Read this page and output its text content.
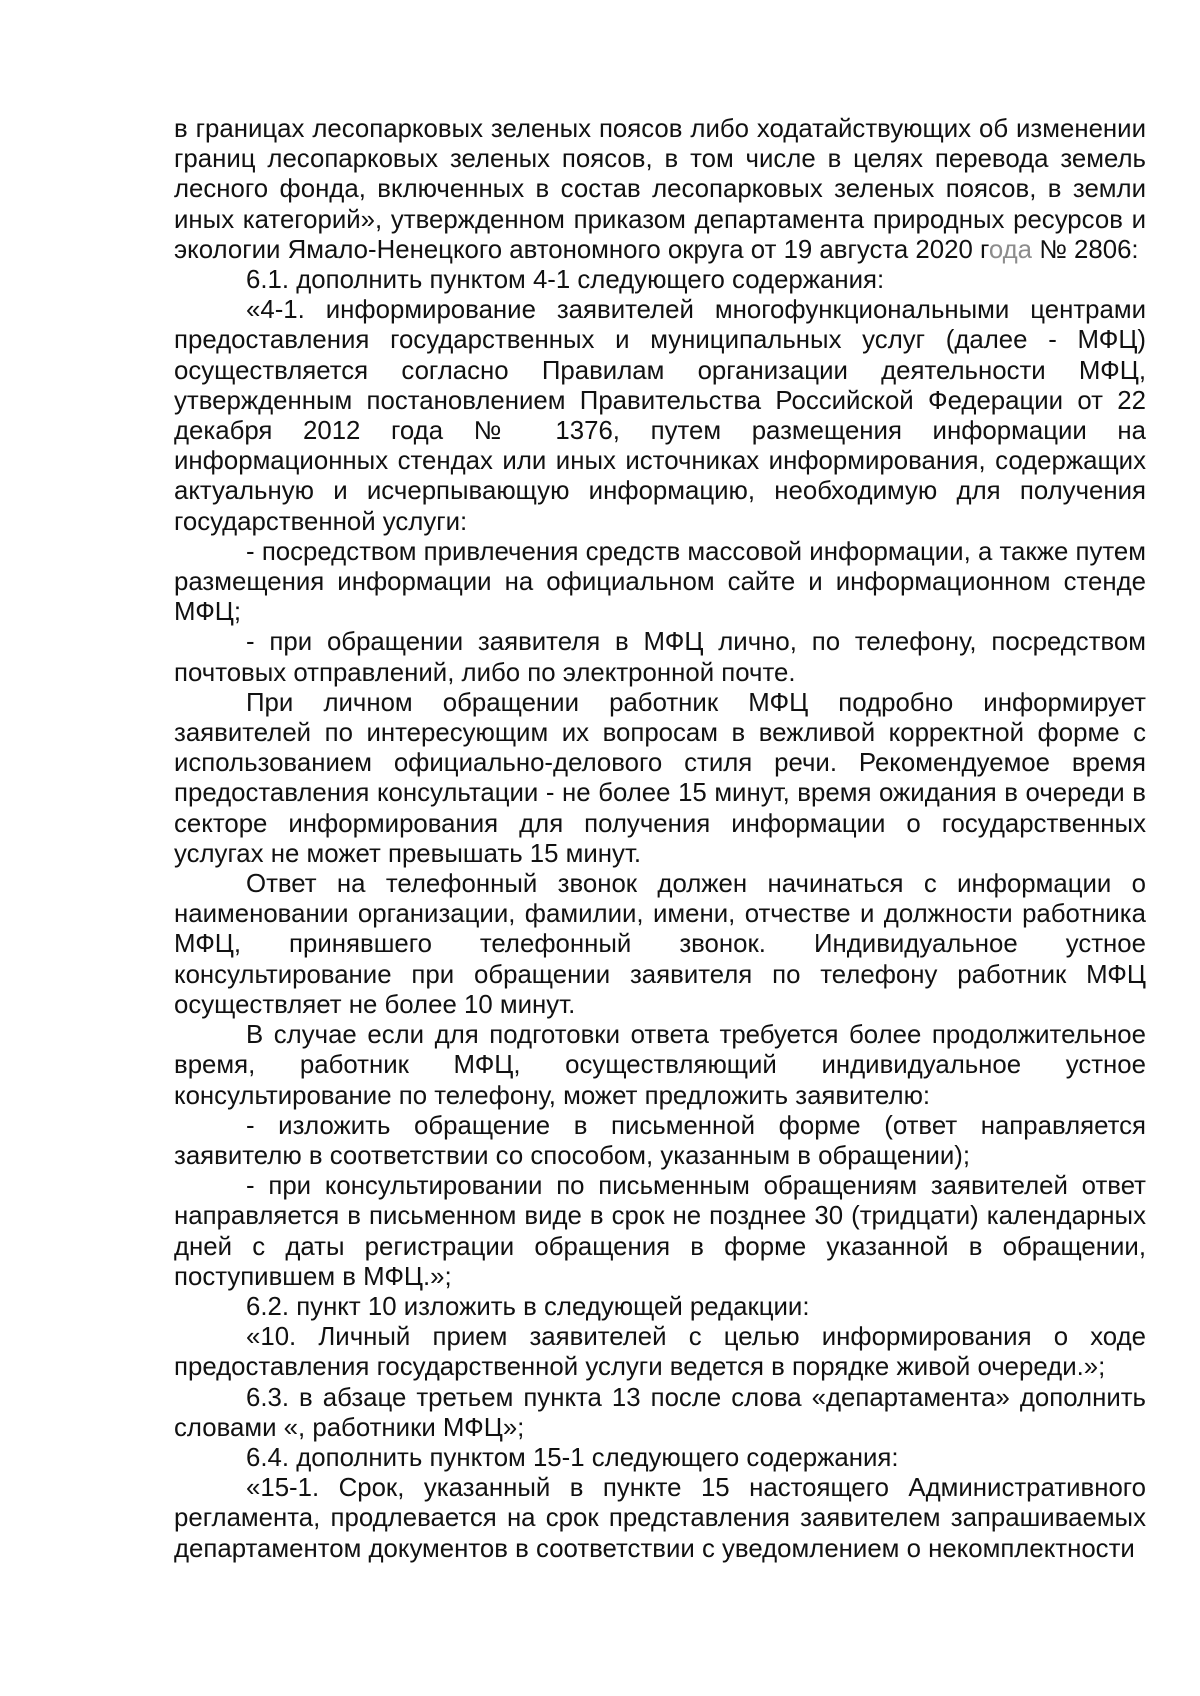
в границах лесопарковых зеленых поясов либо ходатайствующих об изменении границ лесопарковых зеленых поясов, в том числе в целях перевода земель лесного фонда, включенных в состав лесопарковых зеленых поясов, в земли иных категорий», утвержденном приказом департамента природных ресурсов и экологии Ямало-Ненецкого автономного округа от 19 августа 2020 года № 2806:

6.1. дополнить пунктом 4-1 следующего содержания:

«4-1. информирование заявителей многофункциональными центрами предоставления государственных и муниципальных услуг (далее - МФЦ) осуществляется согласно Правилам организации деятельности МФЦ, утвержденным постановлением Правительства Российской Федерации от 22 декабря 2012 года № 1376, путем размещения информации на информационных стендах или иных источниках информирования, содержащих актуальную и исчерпывающую информацию, необходимую для получения государственной услуги:

- посредством привлечения средств массовой информации, а также путем размещения информации на официальном сайте и информационном стенде МФЦ;

- при обращении заявителя в МФЦ лично, по телефону, посредством почтовых отправлений, либо по электронной почте.

При личном обращении работник МФЦ подробно информирует заявителей по интересующим их вопросам в вежливой корректной форме с использованием официально-делового стиля речи. Рекомендуемое время предоставления консультации - не более 15 минут, время ожидания в очереди в секторе информирования для получения информации о государственных услугах не может превышать 15 минут.

Ответ на телефонный звонок должен начинаться с информации о наименовании организации, фамилии, имени, отчестве и должности работника МФЦ, принявшего телефонный звонок. Индивидуальное устное консультирование при обращении заявителя по телефону работник МФЦ осуществляет не более 10 минут.

В случае если для подготовки ответа требуется более продолжительное время, работник МФЦ, осуществляющий индивидуальное устное консультирование по телефону, может предложить заявителю:

- изложить обращение в письменной форме (ответ направляется заявителю в соответствии со способом, указанным в обращении);

- при консультировании по письменным обращениям заявителей ответ направляется в письменном виде в срок не позднее 30 (тридцати) календарных дней с даты регистрации обращения в форме указанной в обращении, поступившем в МФЦ.»;

6.2. пункт 10 изложить в следующей редакции:

«10. Личный прием заявителей с целью информирования о ходе предоставления государственной услуги ведется в порядке живой очереди.»;

6.3. в абзаце третьем пункта 13 после слова «департамента» дополнить словами «, работники МФЦ»;

6.4. дополнить пунктом 15-1 следующего содержания:

«15-1. Срок, указанный в пункте 15 настоящего Административного регламента, продлевается на срок представления заявителем запрашиваемых департаментом документов в соответствии с уведомлением о некомплектности
